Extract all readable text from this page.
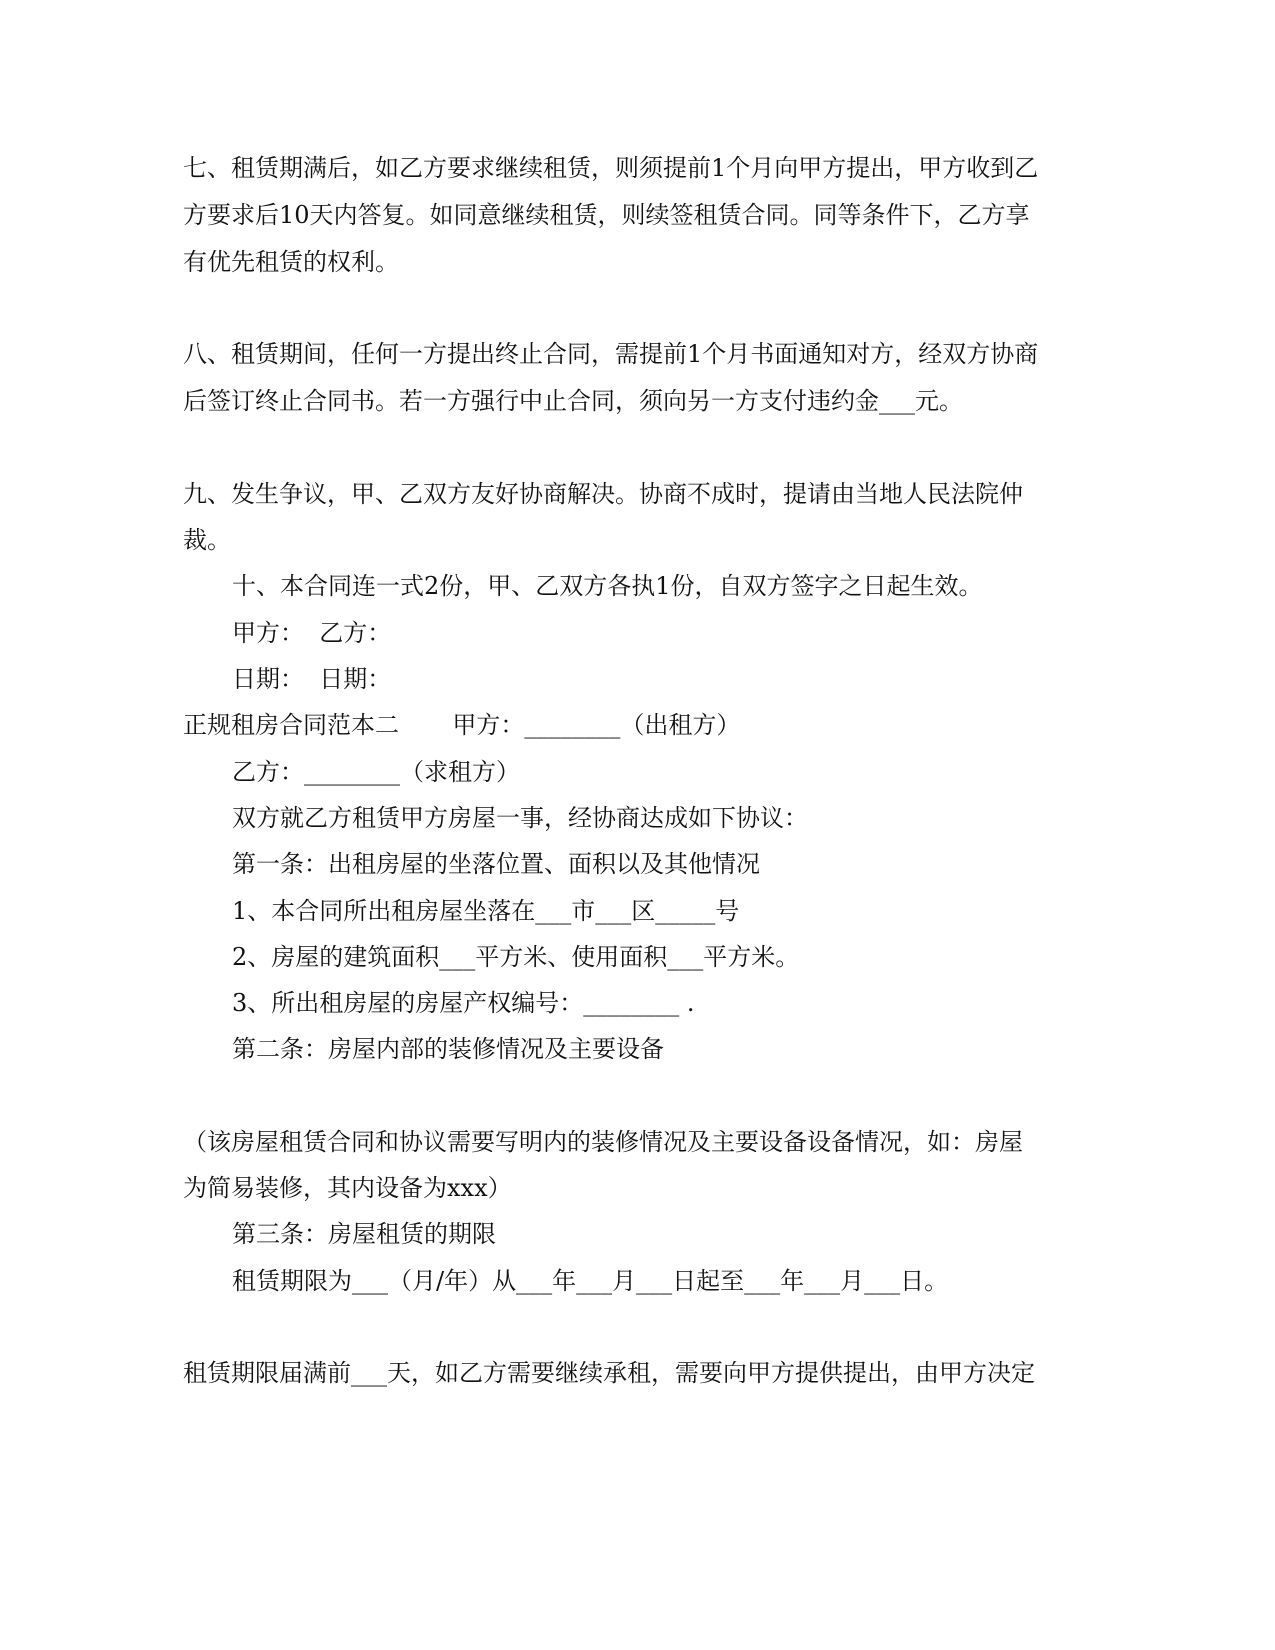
七、租赁期满后，如乙方要求继续租赁，则须提前1个月向甲方提出，甲方收到乙
方要求后10天内答复。如同意继续租赁，则续签租赁合同。同等条件下，乙方享
有优先租赁的权利。
八、租赁期间，任何一方提出终止合同，需提前1个月书面通知对方，经双方协商
后签订终止合同书。若一方强行中止合同，须向另一方支付违约金___元。
九、发生争议，甲、乙双方友好协商解决。协商不成时，提请由当地人民法院仲
裁。
十、本合同连一式2份，甲、乙双方各执1份，自双方签字之日起生效。
甲方：  乙方：
日期：  日期：
正规租房合同范本二       甲方：________（出租方）
乙方：________（求租方）
双方就乙方租赁甲方房屋一事，经协商达成如下协议：
第一条：出租房屋的坐落位置、面积以及其他情况
1、本合同所出租房屋坐落在___市___区_____号
2、房屋的建筑面积___平方米、使用面积___平方米。
3、所出租房屋的房屋产权编号：________ .
第二条：房屋内部的装修情况及主要设备
（该房屋租赁合同和协议需要写明内的装修情况及主要设备设备情况，如：房屋
为简易装修，其内设备为xxx）
第三条：房屋租赁的期限
租赁期限为___（月/年）从___年___月___日起至___年___月___日。
租赁期限届满前___天，如乙方需要继续承租，需要向甲方提供提出，由甲方决定
